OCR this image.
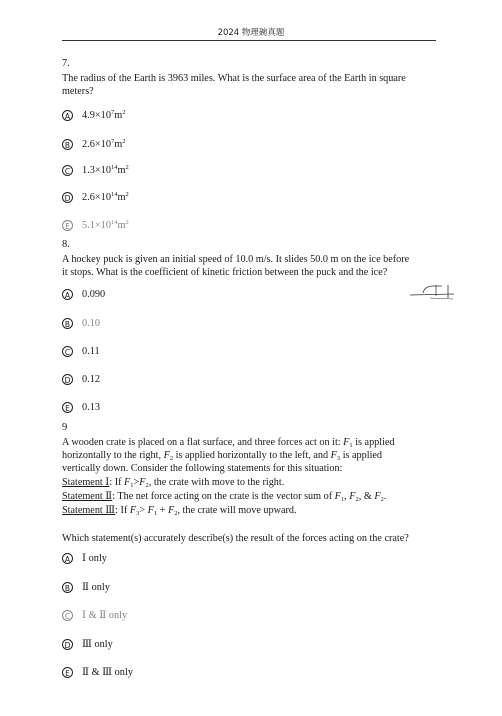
2024 物理碗真题
7.
The radius of the Earth is 3963 miles. What is the surface area of the Earth in square
meters?
A $4.9\times 10^7m^2$
B $2.6\times 10^7m^2$
C $1.3\times 10^{14}m^2$
D $2.6\times 10^{14}m^2$
E	$5.1\times 10^{14}m^2$
8.
A hockey puck is given an initial speed of 10.0 m/s. It slides 50.0 m on the ice before
it stops. What is the coefficient of kinetic friction between the puck and the ice?
A 0.090
B 0.10
C 0.11
D 0.12
E	0.13
9
A wooden crate is placed on a flat surface, and three forces act on it: $F_1$ is applied
horizontally to the right, $F_2$ is applied horizontally to the left, and $F_3$ is applied
vertically down. Consider the following statements for this situation:
Statement Ⅰ: If $F_1>F_2$, the crate with move to the right.
Statement Ⅱ: The net force acting on the crate is the vector sum of $F_1$, $F_2$, & $F_2$.
Statement Ⅲ: If $F_3> F_1 + F_2$, the crate will move upward.
Which statement(s) accurately describe(s) the result of the forces acting on the crate?
A Ⅰ only
B Ⅱ only
C Ⅰ & Ⅱ only
D Ⅲ only
E	Ⅱ & Ⅲ only
